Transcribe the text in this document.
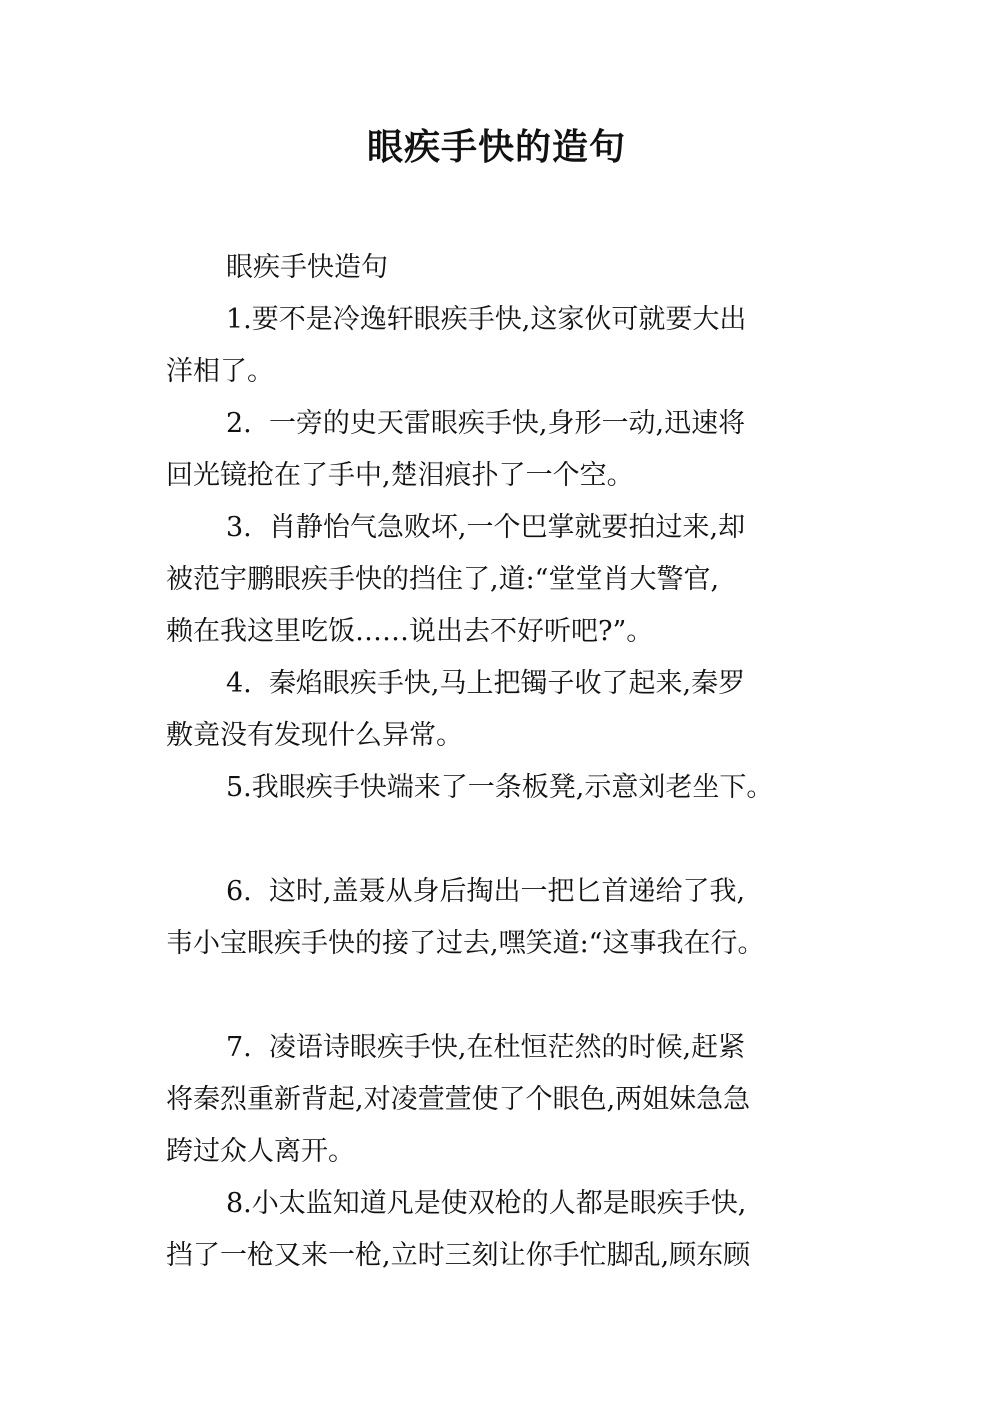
眼疾手快的造句
眼疾手快造句
1.要不是冷逸轩眼疾手快,这家伙可就要大出
洋相了。
2. 一旁的史天雷眼疾手快,身形一动,迅速将
回光镜抢在了手中,楚泪痕扑了一个空。
3. 肖静怡气急败坏,一个巴掌就要拍过来,却
被范宇鹏眼疾手快的挡住了,道:“堂堂肖大警官,
赖在我这里吃饭……说出去不好听吧?”。
4. 秦焰眼疾手快,马上把镯子收了起来,秦罗
敷竟没有发现什么异常。
5.我眼疾手快端来了一条板凳,示意刘老坐下。
6. 这时,盖聂从身后掏出一把匕首递给了我,
韦小宝眼疾手快的接了过去,嘿笑道:“这事我在行。
7. 凌语诗眼疾手快,在杜恒茫然的时候,赶紧
将秦烈重新背起,对凌萱萱使了个眼色,两姐妹急急
跨过众人离开。
8.小太监知道凡是使双枪的人都是眼疾手快,
挡了一枪又来一枪,立时三刻让你手忙脚乱,顾东顾
